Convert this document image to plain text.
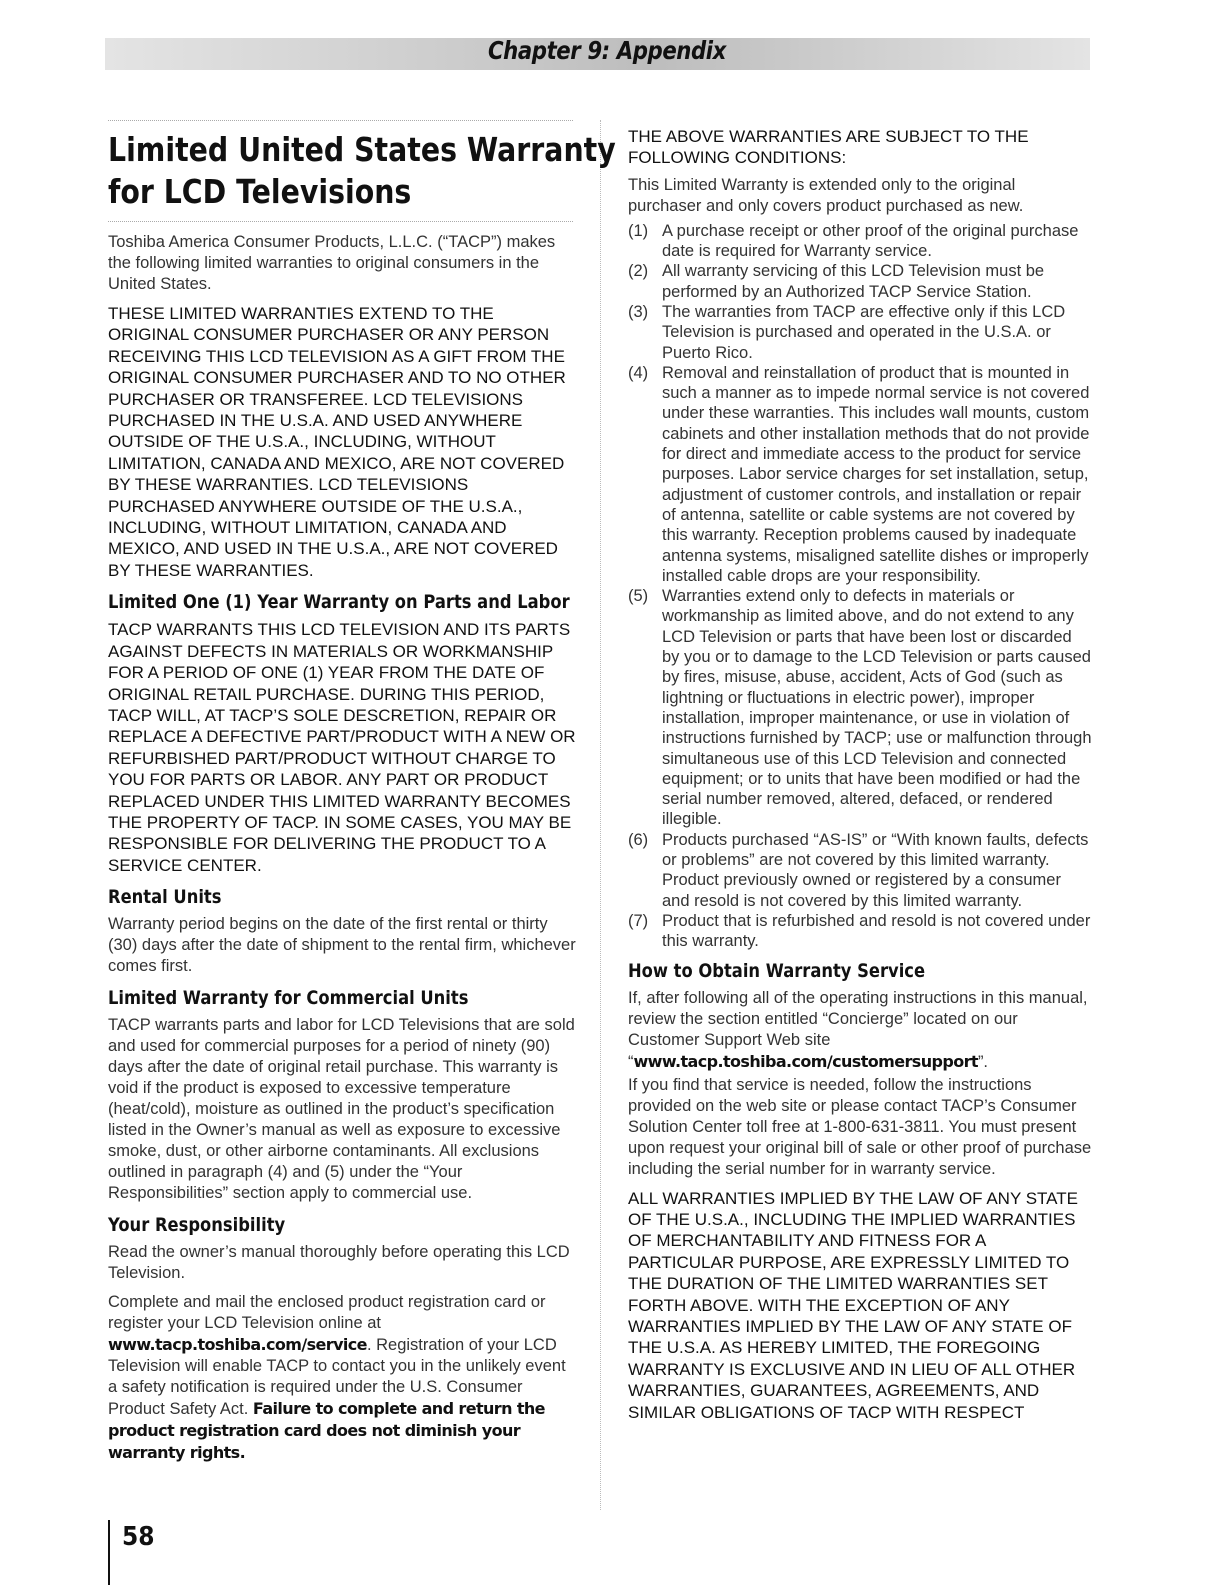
Chapter 9: Appendix
Limited United States Warranty
for LCD Televisions

Toshiba America Consumer Products, L.L.C. (“TACP”) makes the following limited warranties to original consumers in the United States.

THESE LIMITED WARRANTIES EXTEND TO THE ORIGINAL CONSUMER PURCHASER OR ANY PERSON RECEIVING THIS LCD TELEVISION AS A GIFT FROM THE ORIGINAL CONSUMER PURCHASER AND TO NO OTHER PURCHASER OR TRANSFEREE. LCD TELEVISIONS PURCHASED IN THE U.S.A. AND USED ANYWHERE OUTSIDE OF THE U.S.A., INCLUDING, WITHOUT LIMITATION, CANADA AND MEXICO, ARE NOT COVERED BY THESE WARRANTIES. LCD TELEVISIONS PURCHASED ANYWHERE OUTSIDE OF THE U.S.A., INCLUDING, WITHOUT LIMITATION, CANADA AND MEXICO, AND USED IN THE U.S.A., ARE NOT COVERED BY THESE WARRANTIES.

Limited One (1) Year Warranty on Parts and Labor

TACP WARRANTS THIS LCD TELEVISION AND ITS PARTS AGAINST DEFECTS IN MATERIALS OR WORKMANSHIP FOR A PERIOD OF ONE (1) YEAR FROM THE DATE OF ORIGINAL RETAIL PURCHASE. DURING THIS PERIOD, TACP WILL, AT TACP’S SOLE DESCRETION, REPAIR OR REPLACE A DEFECTIVE PART/PRODUCT WITH A NEW OR REFURBISHED PART/PRODUCT WITHOUT CHARGE TO YOU FOR PARTS OR LABOR. ANY PART OR PRODUCT REPLACED UNDER THIS LIMITED WARRANTY BECOMES THE PROPERTY OF TACP. IN SOME CASES, YOU MAY BE RESPONSIBLE FOR DELIVERING THE PRODUCT TO A SERVICE CENTER.

Rental Units

Warranty period begins on the date of the first rental or thirty (30) days after the date of shipment to the rental firm, whichever comes first.

Limited Warranty for Commercial Units

TACP warrants parts and labor for LCD Televisions that are sold and used for commercial purposes for a period of ninety (90) days after the date of original retail purchase. This warranty is void if the product is exposed to excessive temperature (heat/cold), moisture as outlined in the product’s specification listed in the Owner’s manual as well as exposure to excessive smoke, dust, or other airborne contaminants. All exclusions outlined in paragraph (4) and (5) under the “Your Responsibilities” section apply to commercial use.

Your Responsibility

Read the owner’s manual thoroughly before operating this LCD Television.

Complete and mail the enclosed product registration card or register your LCD Television online at www.tacp.toshiba.com/service. Registration of your LCD Television will enable TACP to contact you in the unlikely event a safety notification is required under the U.S. Consumer Product Safety Act. Failure to complete and return the product registration card does not diminish your warranty rights.

THE ABOVE WARRANTIES ARE SUBJECT TO THE FOLLOWING CONDITIONS:

This Limited Warranty is extended only to the original purchaser and only covers product purchased as new.

(1) A purchase receipt or other proof of the original purchase date is required for Warranty service.
(2) All warranty servicing of this LCD Television must be performed by an Authorized TACP Service Station.
(3) The warranties from TACP are effective only if this LCD Television is purchased and operated in the U.S.A. or Puerto Rico.
(4) Removal and reinstallation of product that is mounted in such a manner as to impede normal service is not covered under these warranties. This includes wall mounts, custom cabinets and other installation methods that do not provide for direct and immediate access to the product for service purposes. Labor service charges for set installation, setup, adjustment of customer controls, and installation or repair of antenna, satellite or cable systems are not covered by this warranty. Reception problems caused by inadequate antenna systems, misaligned satellite dishes or improperly installed cable drops are your responsibility.
(5) Warranties extend only to defects in materials or workmanship as limited above, and do not extend to any LCD Television or parts that have been lost or discarded by you or to damage to the LCD Television or parts caused by fires, misuse, abuse, accident, Acts of God (such as lightning or fluctuations in electric power), improper installation, improper maintenance, or use in violation of instructions furnished by TACP; use or malfunction through simultaneous use of this LCD Television and connected equipment; or to units that have been modified or had the serial number removed, altered, defaced, or rendered illegible.
(6) Products purchased “AS-IS” or “With known faults, defects or problems” are not covered by this limited warranty. Product previously owned or registered by a consumer and resold is not covered by this limited warranty.
(7) Product that is refurbished and resold is not covered under this warranty.
How to Obtain Warranty Service

If, after following all of the operating instructions in this manual, review the section entitled “Concierge” located on our Customer Support Web site “www.tacp.toshiba.com/customersupport”.

If you find that service is needed, follow the instructions provided on the web site or please contact TACP’s Consumer Solution Center toll free at 1-800-631-3811. You must present upon request your original bill of sale or other proof of purchase including the serial number for in warranty service.

ALL WARRANTIES IMPLIED BY THE LAW OF ANY STATE OF THE U.S.A., INCLUDING THE IMPLIED WARRANTIES OF MERCHANTABILITY AND FITNESS FOR A PARTICULAR PURPOSE, ARE EXPRESSLY LIMITED TO THE DURATION OF THE LIMITED WARRANTIES SET FORTH ABOVE. WITH THE EXCEPTION OF ANY WARRANTIES IMPLIED BY THE LAW OF ANY STATE OF THE U.S.A. AS HEREBY LIMITED, THE FOREGOING WARRANTY IS EXCLUSIVE AND IN LIEU OF ALL OTHER WARRANTIES, GUARANTEES, AGREEMENTS, AND SIMILAR OBLIGATIONS OF TACP WITH RESPECT

58
